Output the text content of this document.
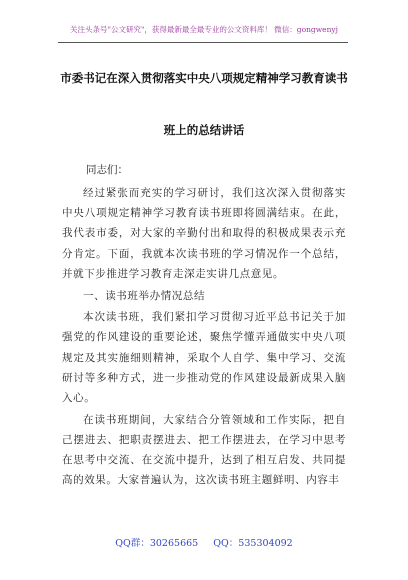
关注头条号"公文研究"，获得最新最全最专业的公文资料库！ 微信：gongwenyj
市委书记在深入贯彻落实中央八项规定精神学习教育读书
班上的总结讲话
同志们：

经过紧张而充实的学习研讨，我们这次深入贯彻落实中央八项规定精神学习教育读书班即将圆满结束。在此，我代表市委，对大家的辛勤付出和取得的积极成果表示充分肯定。下面，我就本次读书班的学习情况作一个总结，并就下步推进学习教育走深走实讲几点意见。

一、读书班举办情况总结

本次读书班，我们紧扣学习贯彻习近平总书记关于加强党的作风建设的重要论述，聚焦学懂弄通做实中央八项规定及其实施细则精神，采取个人自学、集中学习、交流研讨等多种方式，进一步推动党的作风建设最新成果入脑入心。

在读书班期间，大家结合分管领域和工作实际，把自己摆进去、把职责摆进去、把工作摆进去，在学习中思考在思考中交流、在交流中提升，达到了相互启发、共同提高的效果。大家普遍认为，这次读书班主题鲜明、内容丰

QQ群：30265665 QQ：535304092
